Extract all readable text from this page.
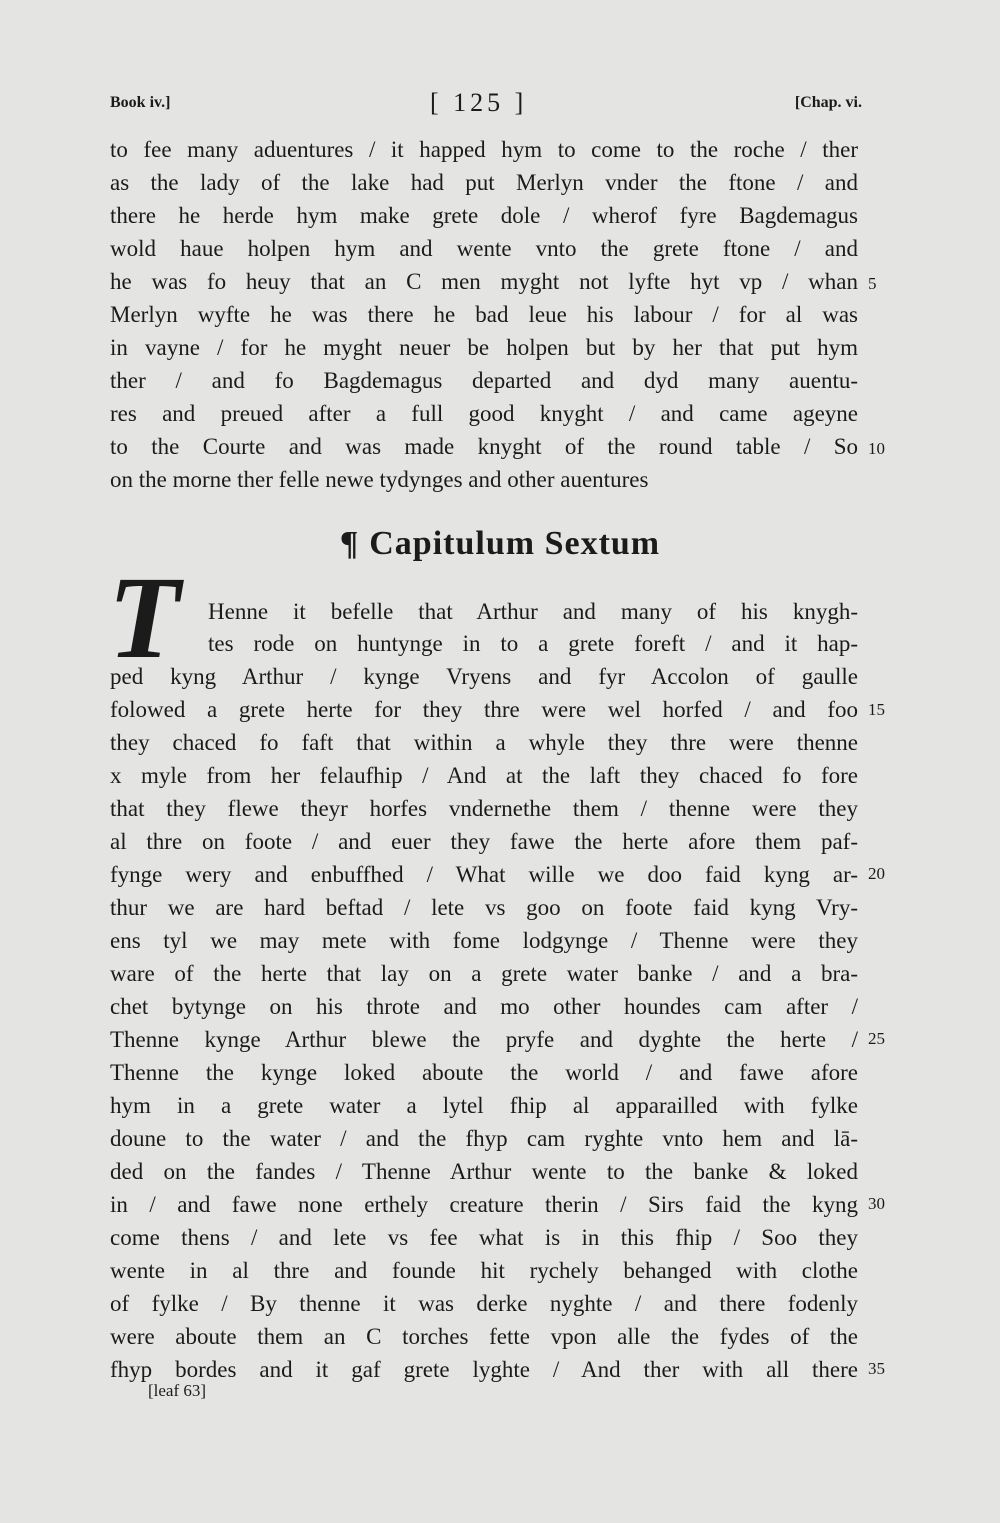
Book iv.]	[ 125 ]	[Chap. vi.
to fee many aduentures / it happed hym to come to the roche / ther
as the lady of the lake had put Merlyn vnder the ftone / and
there he herde hym make grete dole / wherof fyre Bagdemagus
wold haue holpen hym and wente vnto the grete ftone / and
he was fo heuy that an C men myght not lyfte hyt vp / whan
Merlyn wyfte he was there he bad leue his labour / for al was
in vayne / for he myght neuer be holpen but by her that put hym
ther / and fo Bagdemagus departed and dyd many auentu-
res and preued after a full good knyght / and came ageyne
to the Courte and was made knyght of the round table / So
on the morne ther felle newe tydynges and other auentures
¶ Capitulum Sextum
T	Henne it befelle that Arthur and many of his knygh-
tes rode on huntynge in to a grete foreft / and it hap-
ped kyng Arthur / kynge Vryens and fyr Accolon of gaulle
folowed a grete herte for they thre were wel horfed / and foo
they chaced fo faft that within a whyle they thre were thenne
x myle from her felaufhip / And at the laft they chaced fo fore
that they flewe theyr horfes vndernethe them / thenne were they
al thre on foote / and euer they fawe the herte afore them paf-
fynge wery and enbuffhed / What wille we doo faid kyng ar-
thur we are hard beftad / lete vs goo on foote faid kyng Vry-
ens tyl we may mete with fome lodgynge / Thenne were they
ware of the herte that lay on a grete water banke / and a bra-
chet bytynge on his throte and mo other houndes cam after /
Thenne kynge Arthur blewe the pryfe and dyghte the herte /
Thenne the kynge loked aboute the world / and fawe afore
hym in a grete water a lytel fhip al apparailled with fylke
doune to the water / and the fhyp cam ryghte vnto hem and lā-
ded on the fandes / Thenne Arthur wente to the banke & loked
in / and fawe none erthely creature therin / Sirs faid the kyng
come thens / and lete vs fee what is in this fhip / Soo they
wente in al thre and founde hit rychely behanged with clothe
of fylke / By thenne it was derke nyghte / and there fodenly
were aboute them an C torches fette vpon alle the fydes of the
fhyp bordes and it gaf grete lyghte / And ther with all there
5
10
15
20
25
30
35
[leaf 63]
